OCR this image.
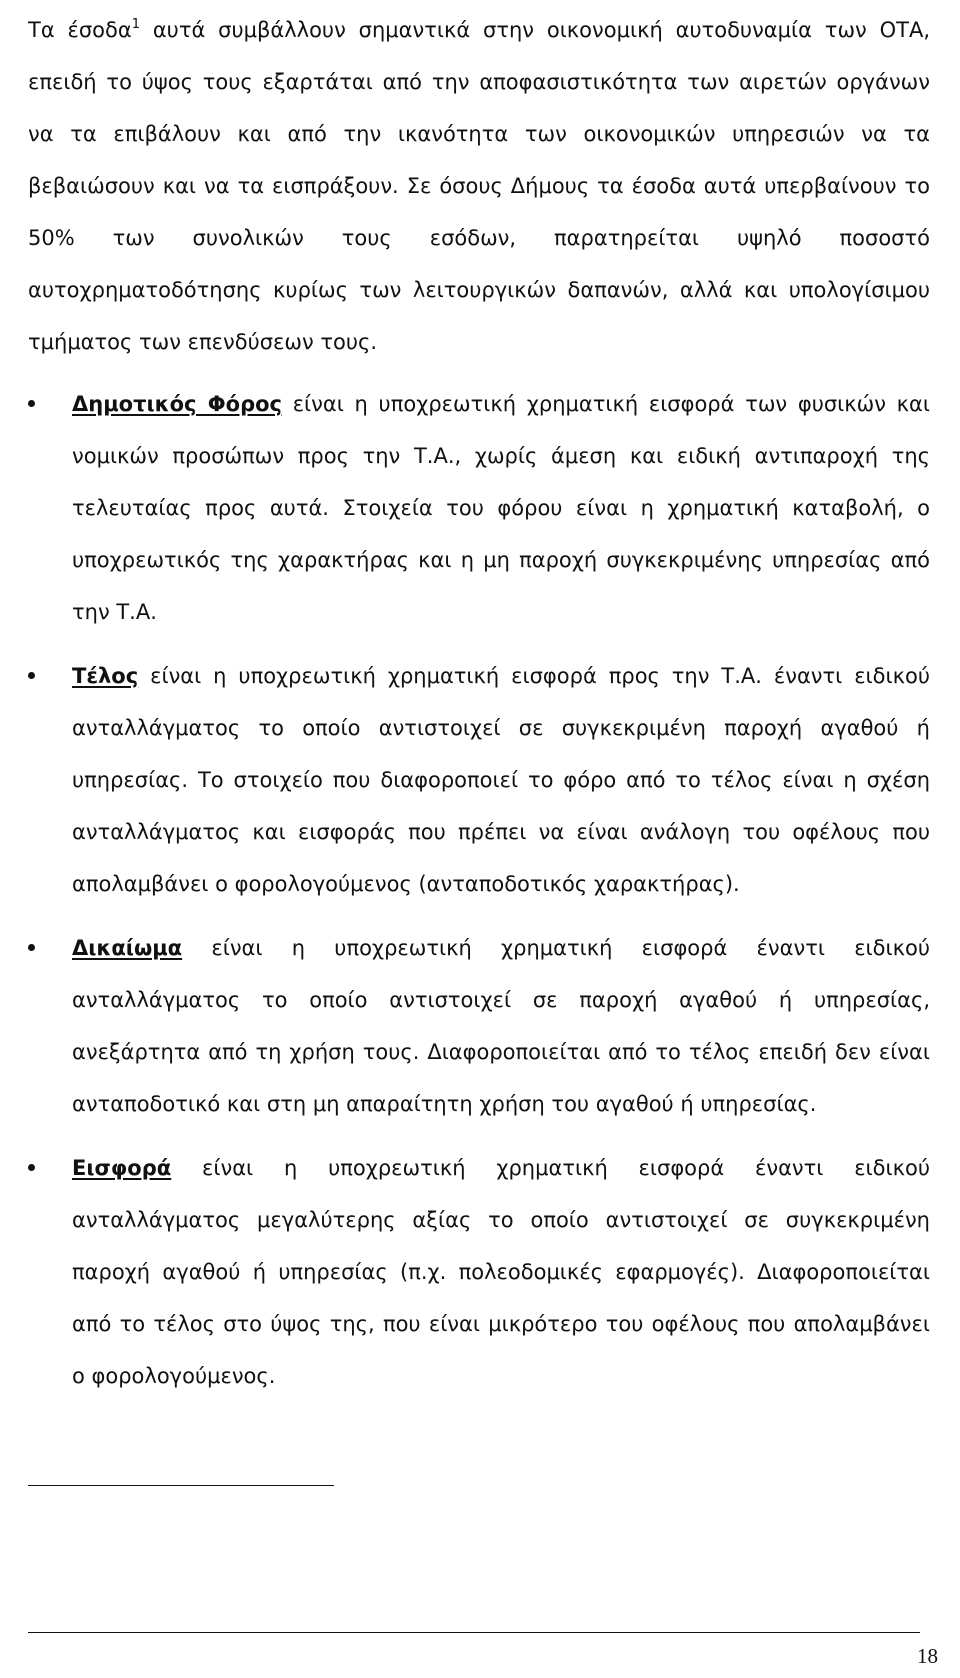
Τα έσοδα$^1$ αυτά συμβάλλουν σημαντικά στην οικονομική αυτοδυναμία των ΟΤΑ, επειδή το ύψος τους εξαρτάται από την αποφασιστικότητα των αιρετών οργάνων να τα επιβάλουν και από την ικανότητα των οικονομικών υπηρεσιών να τα βεβαιώσουν και να τα εισπράξουν. Σε όσους Δήμους τα έσοδα αυτά υπερβαίνουν το 50% των συνολικών τους εσόδων, παρατηρείται υψηλό ποσοστό αυτοχρηματοδότησης κυρίως των λειτουργικών δαπανών, αλλά και υπολογίσιμου τμήματος των επενδύσεων τους.

Δημοτικός Φόρος είναι η υποχρεωτική χρηματική εισφορά των φυσικών και νομικών προσώπων προς την Τ.Α., χωρίς άμεση και ειδική αντιπαροχή της τελευταίας προς αυτά. Στοιχεία του φόρου είναι η χρηματική καταβολή, ο υποχρεωτικός της χαρακτήρας και η μη παροχή συγκεκριμένης υπηρεσίας από την Τ.Α.

Τέλος είναι η υποχρεωτική χρηματική εισφορά προς την Τ.Α. έναντι ειδικού ανταλλάγματος το οποίο αντιστοιχεί σε συγκεκριμένη παροχή αγαθού ή υπηρεσίας. Το στοιχείο που διαφοροποιεί το φόρο από το τέλος είναι η σχέση ανταλλάγματος και εισφοράς που πρέπει να είναι ανάλογη του οφέλους που απολαμβάνει ο φορολογούμενος (ανταποδοτικός χαρακτήρας).

Δικαίωμα είναι η υποχρεωτική χρηματική εισφορά έναντι ειδικού ανταλλάγματος το οποίο αντιστοιχεί σε παροχή αγαθού ή υπηρεσίας, ανεξάρτητα από τη χρήση τους. Διαφοροποιείται από το τέλος επειδή δεν είναι ανταποδοτικό και στη μη απαραίτητη χρήση του αγαθού ή υπηρεσίας.

Εισφορά είναι η υποχρεωτική χρηματική εισφορά έναντι ειδικού ανταλλάγματος μεγαλύτερης αξίας το οποίο αντιστοιχεί σε συγκεκριμένη παροχή αγαθού ή υπηρεσίας (π.χ. πολεοδομικές εφαρμογές). Διαφοροποιείται από το τέλος στο ύψος της, που είναι μικρότερο του οφέλους που απολαμβάνει ο φορολογούμενος.

18
